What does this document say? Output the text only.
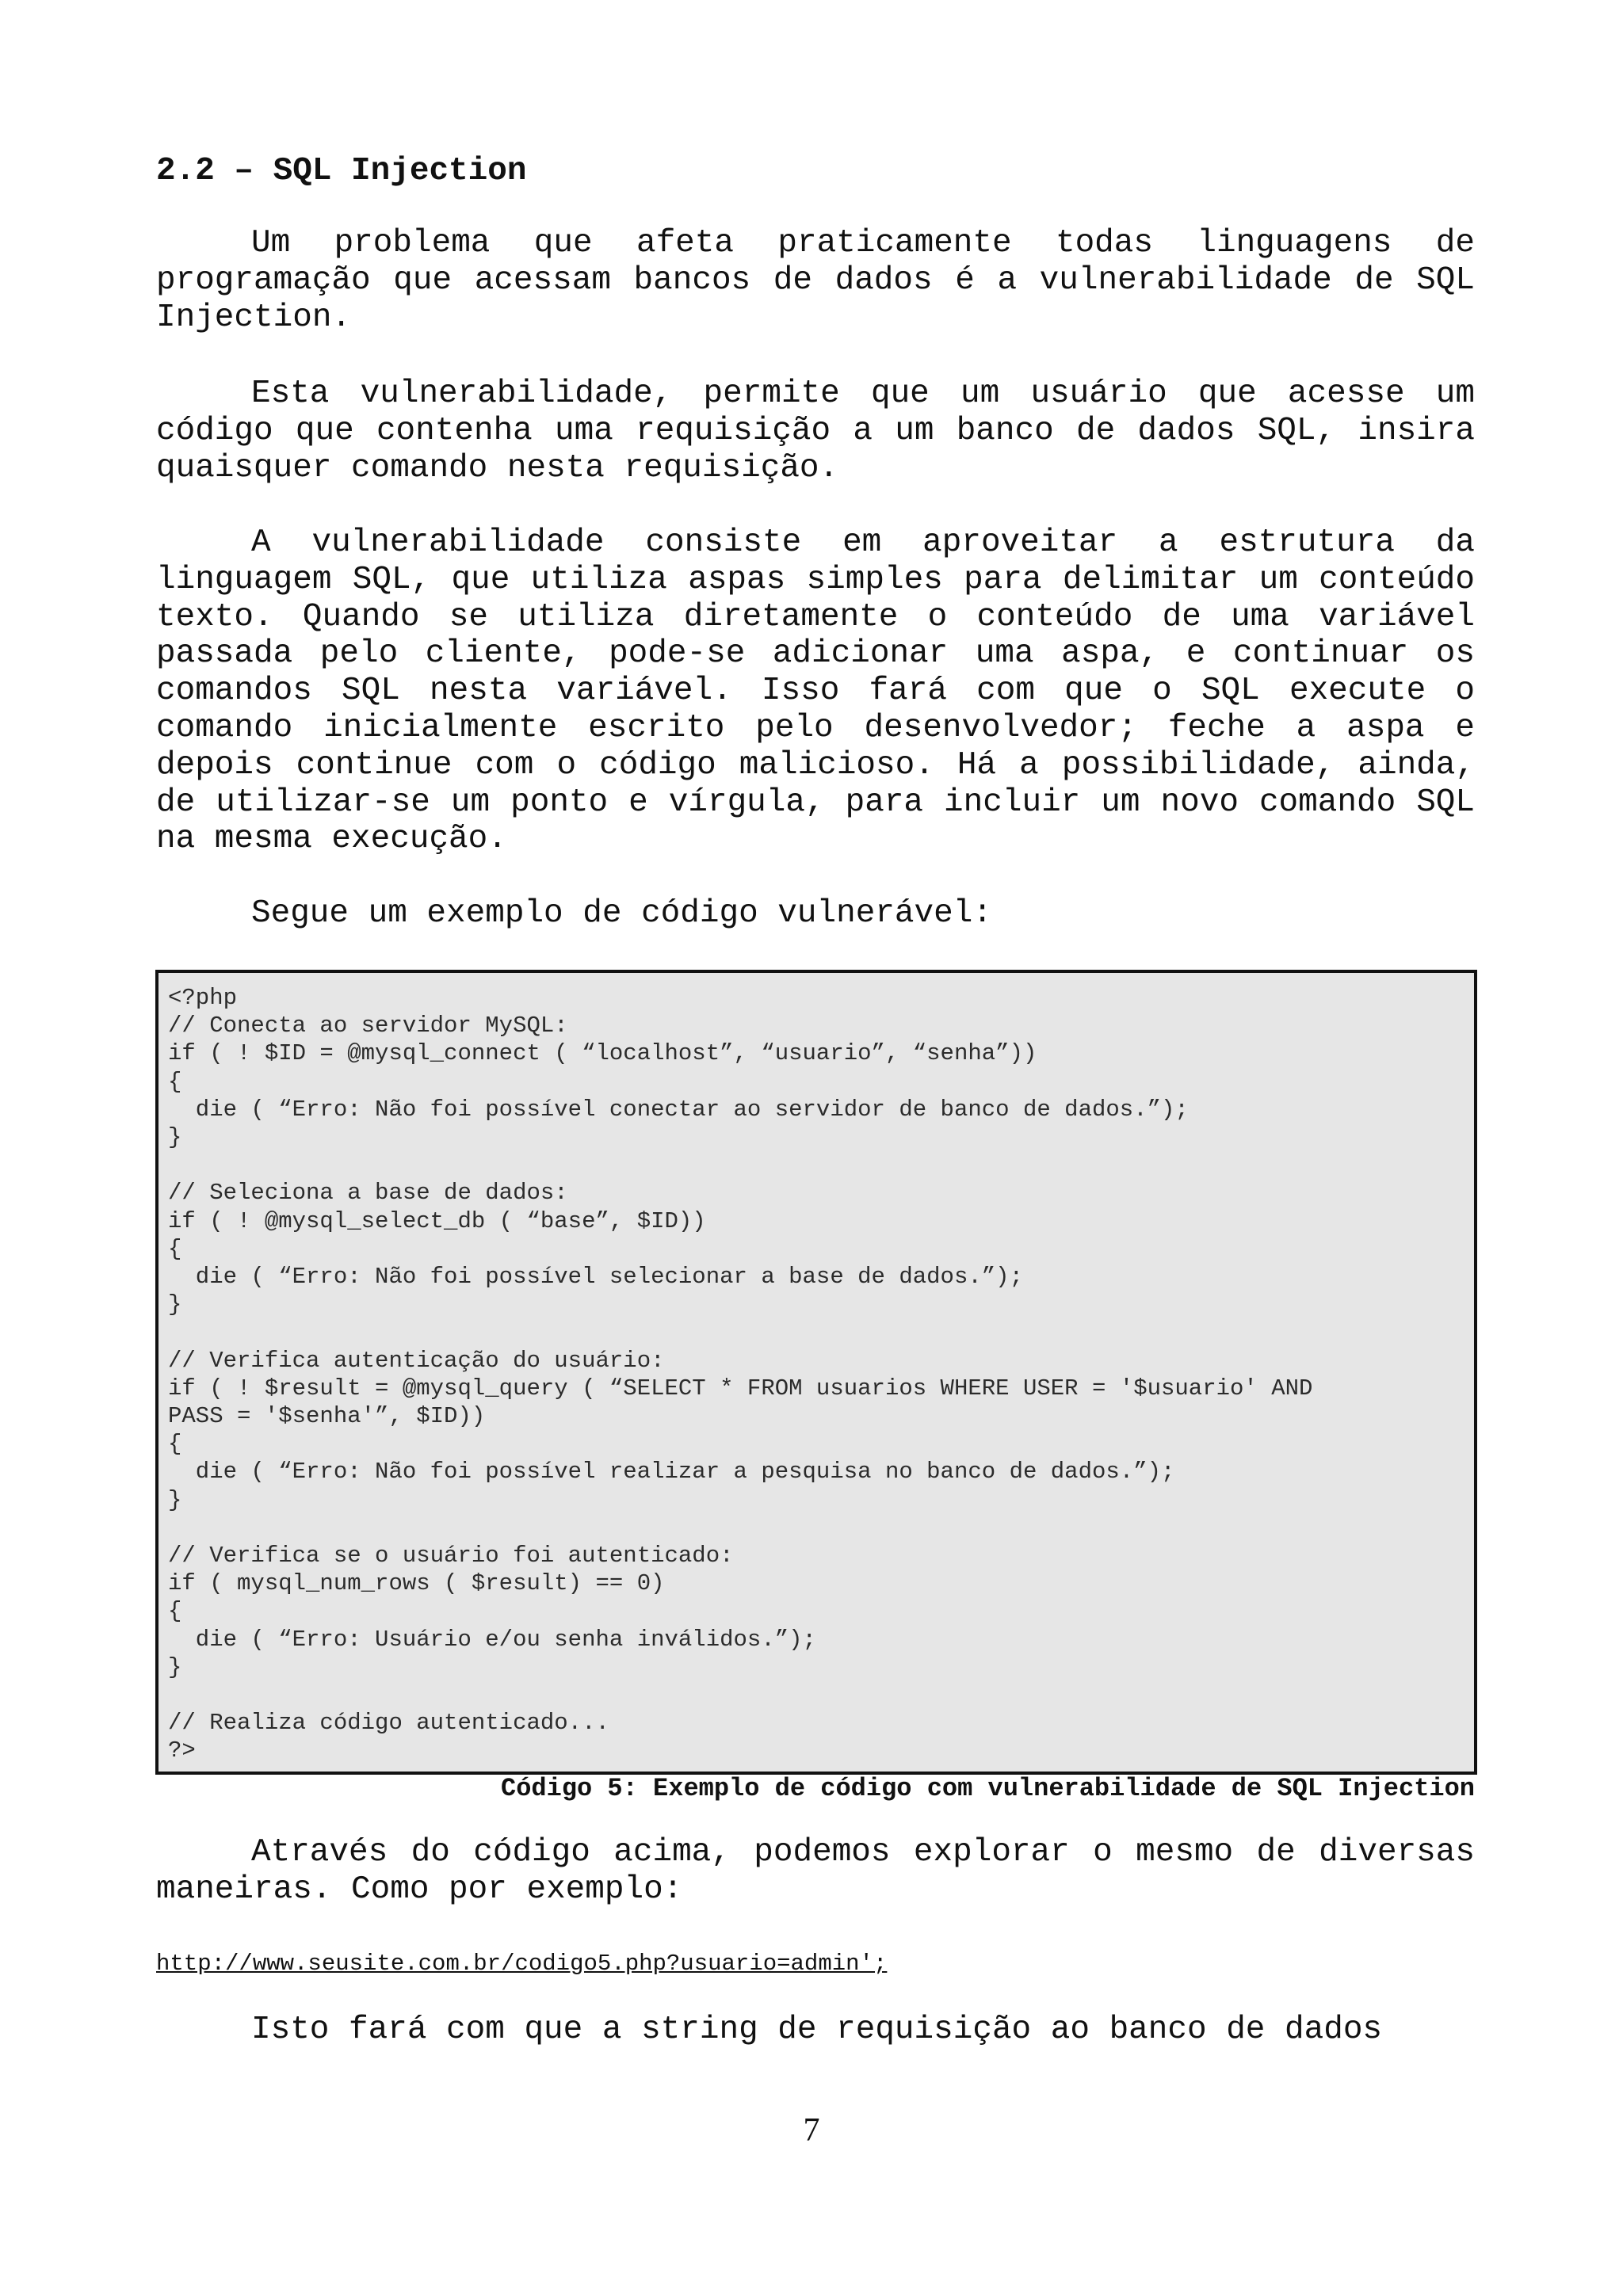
2.2 – SQL Injection

Um problema que afeta praticamente todas linguagens de programação que acessam bancos de dados é a vulnerabilidade de SQL Injection.

Esta vulnerabilidade, permite que um usuário que acesse um código que contenha uma requisição a um banco de dados SQL, insira quaisquer comando nesta requisição.

A vulnerabilidade consiste em aproveitar a estrutura da linguagem SQL, que utiliza aspas simples para delimitar um conteúdo texto. Quando se utiliza diretamente o conteúdo de uma variável passada pelo cliente, pode-se adicionar uma aspa, e continuar os comandos SQL nesta variável. Isso fará com que o SQL execute o comando inicialmente escrito pelo desenvolvedor; feche a aspa e depois continue com o código malicioso. Há a possibilidade, ainda, de utilizar-se um ponto e vírgula, para incluir um novo comando SQL na mesma execução.

Segue um exemplo de código vulnerável:

<?php
// Conecta ao servidor MySQL:
if ( ! $ID = @mysql_connect ( “localhost”, “usuario”, “senha”))
{
die ( “Erro: Não foi possível conectar ao servidor de banco de dados.”);
}

// Seleciona a base de dados:
if ( ! @mysql_select_db ( “base”, $ID))
{
die ( “Erro: Não foi possível selecionar a base de dados.”);
}

// Verifica autenticação do usuário:
if ( ! $result = @mysql_query ( “SELECT * FROM usuarios WHERE USER = '$usuario' AND
PASS = '$senha'”, $ID))
{
die ( “Erro: Não foi possível realizar a pesquisa no banco de dados.”);
}

// Verifica se o usuário foi autenticado:
if ( mysql_num_rows ( $result) == 0)
{
die ( “Erro: Usuário e/ou senha inválidos.”);
}

// Realiza código autenticado...
?>

Código 5: Exemplo de código com vulnerabilidade de SQL Injection

Através do código acima, podemos explorar o mesmo de diversas maneiras. Como por exemplo:

http://www.seusite.com.br/codigo5.php?usuario=admin';

Isto fará com que a string de requisição ao banco de dados

7
